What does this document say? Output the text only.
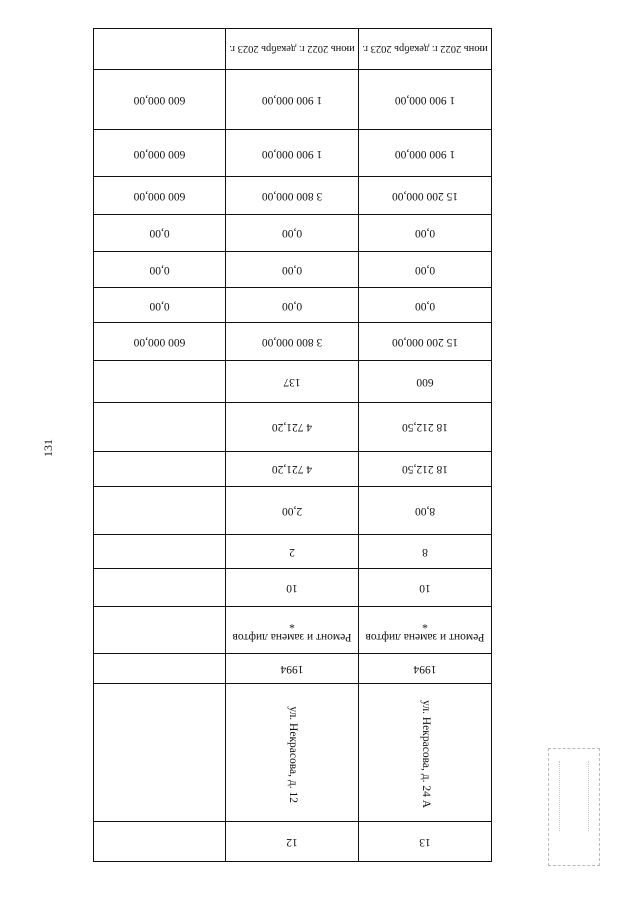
131
13	12	
ул. Некрасова, д. 24 А	ул. Некрасова, д. 12	
1994	1994	
Ремонт и замена лифтов *	Ремонт и замена лифтов *	
10	10	
8	2	
8,00	2,00	
18 212,50	4 721,20	
18 212,50	4 721,20	
600	137	
15 200 000,00	3 800 000,00	600 000,00
0,00	0,00	0,00
0,00	0,00	0,00
0,00	0,00	0,00
15 200 000,00	3 800 000,00	600 000,00
1 900 000,00	1 900 000,00	600 000,00
1 900 000,00	1 900 000,00	600 000,00
июнь 2022 г. декабрь 2023 г.	июнь 2022 г. декабрь 2023 г.	
